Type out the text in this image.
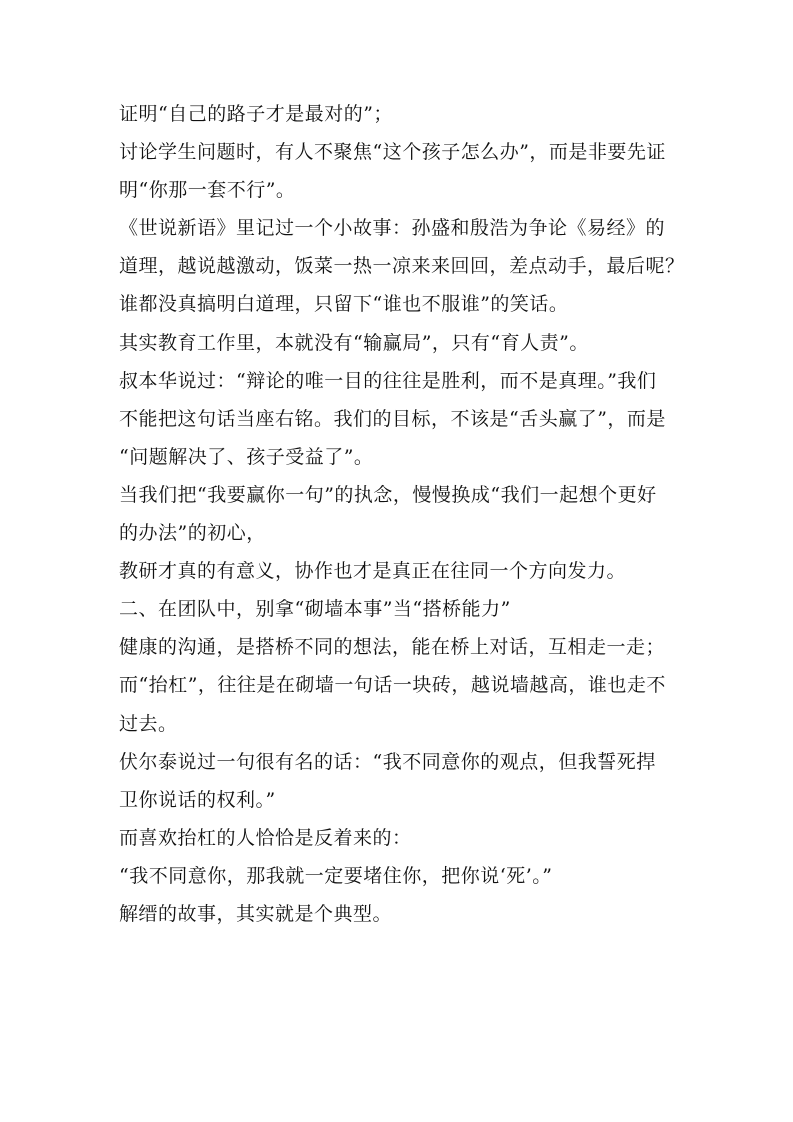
证明“自己的路子才是最对的”；
讨论学生问题时，有人不聚焦“这个孩子怎么办”，而是非要先证
明“你那一套不行”。
《世说新语》里记过一个小故事：孙盛和殷浩为争论《易经》的
道理，越说越激动，饭菜一热一凉来来回回，差点动手，最后呢？
谁都没真搞明白道理，只留下“谁也不服谁”的笑话。
其实教育工作里，本就没有“输赢局”，只有“育人责”。
叔本华说过：“辩论的唯一目的往往是胜利，而不是真理。”我们
不能把这句话当座右铭。我们的目标，不该是“舌头赢了”，而是
“问题解决了、孩子受益了”。
当我们把“我要赢你一句”的执念，慢慢换成“我们一起想个更好
的办法”的初心，
教研才真的有意义，协作也才是真正在往同一个方向发力。
二、在团队中，别拿“砌墙本事”当“搭桥能力”
健康的沟通，是搭桥不同的想法，能在桥上对话，互相走一走；
而“抬杠”，往往是在砌墙一句话一块砖，越说墙越高，谁也走不
过去。
伏尔泰说过一句很有名的话：“我不同意你的观点，但我誓死捍
卫你说话的权利。”
而喜欢抬杠的人恰恰是反着来的：
“我不同意你，那我就一定要堵住你，把你说‘死’。”
解缙的故事，其实就是个典型。
